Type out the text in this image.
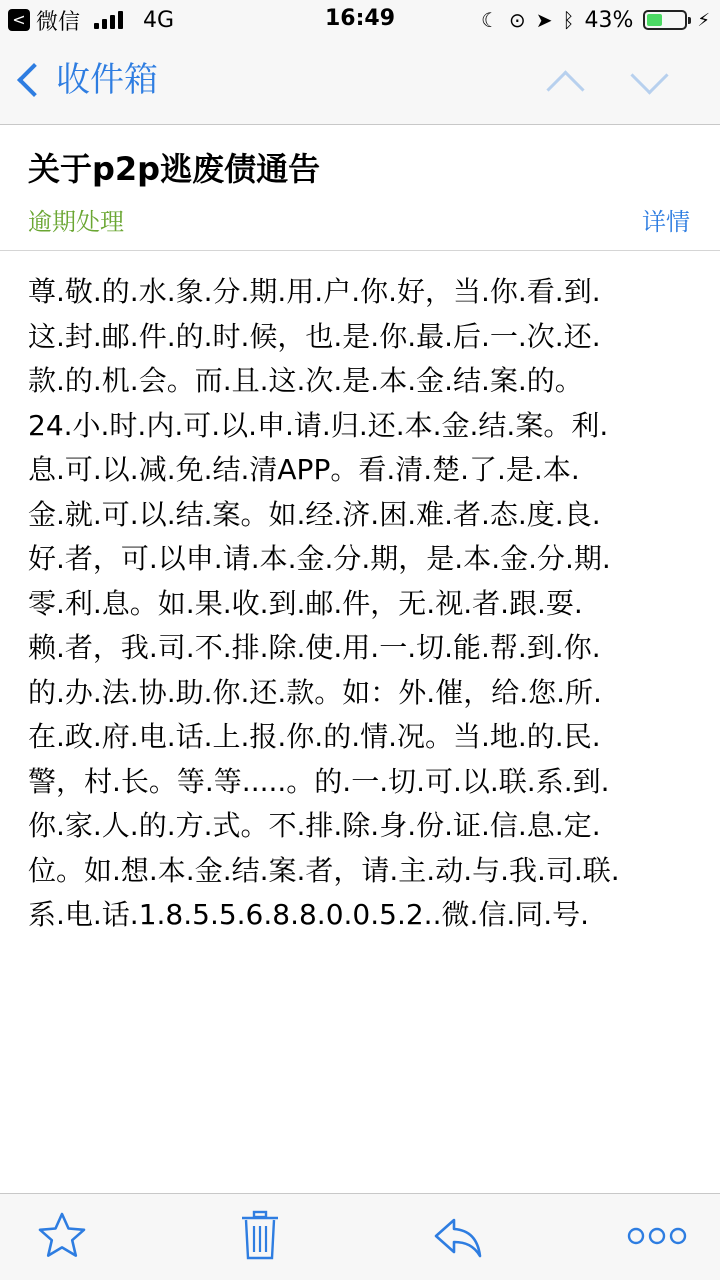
< 微信	4G	16:49	☾ ⊙ ➤ ᛒ 43%	⚡
收件箱
关于p2p逃废债通告
逾期处理	详情

尊.敬.的.水.象.分.期.用.户.你.好，当.你.看.到.

这.封.邮.件.的.时.候，也.是.你.最.后.一.次.还.

款.的.机.会。而.且.这.次.是.本.金.结.案.的。

24.小.时.内.可.以.申.请.归.还.本.金.结.案。利.

息.可.以.减.免.结.清APP。看.清.楚.了.是.本.

金.就.可.以.结.案。如.经.济.困.难.者.态.度.良.

好.者，可.以申.请.本.金.分.期，是.本.金.分.期.

零.利.息。如.果.收.到.邮.件，无.视.者.跟.耍.

赖.者，我.司.不.排.除.使.用.一.切.能.帮.到.你.

的.办.法.协.助.你.还.款。如：外.催，给.您.所.

在.政.府.电.话.上.报.你.的.情.况。当.地.的.民.

警，村.长。等.等.....。的.一.切.可.以.联.系.到.

你.家.人.的.方.式。不.排.除.身.份.证.信.息.定.

位。如.想.本.金.结.案.者，请.主.动.与.我.司.联.

系.电.话.1.8.5.5.6.8.8.0.0.5.2..微.信.同.号.
